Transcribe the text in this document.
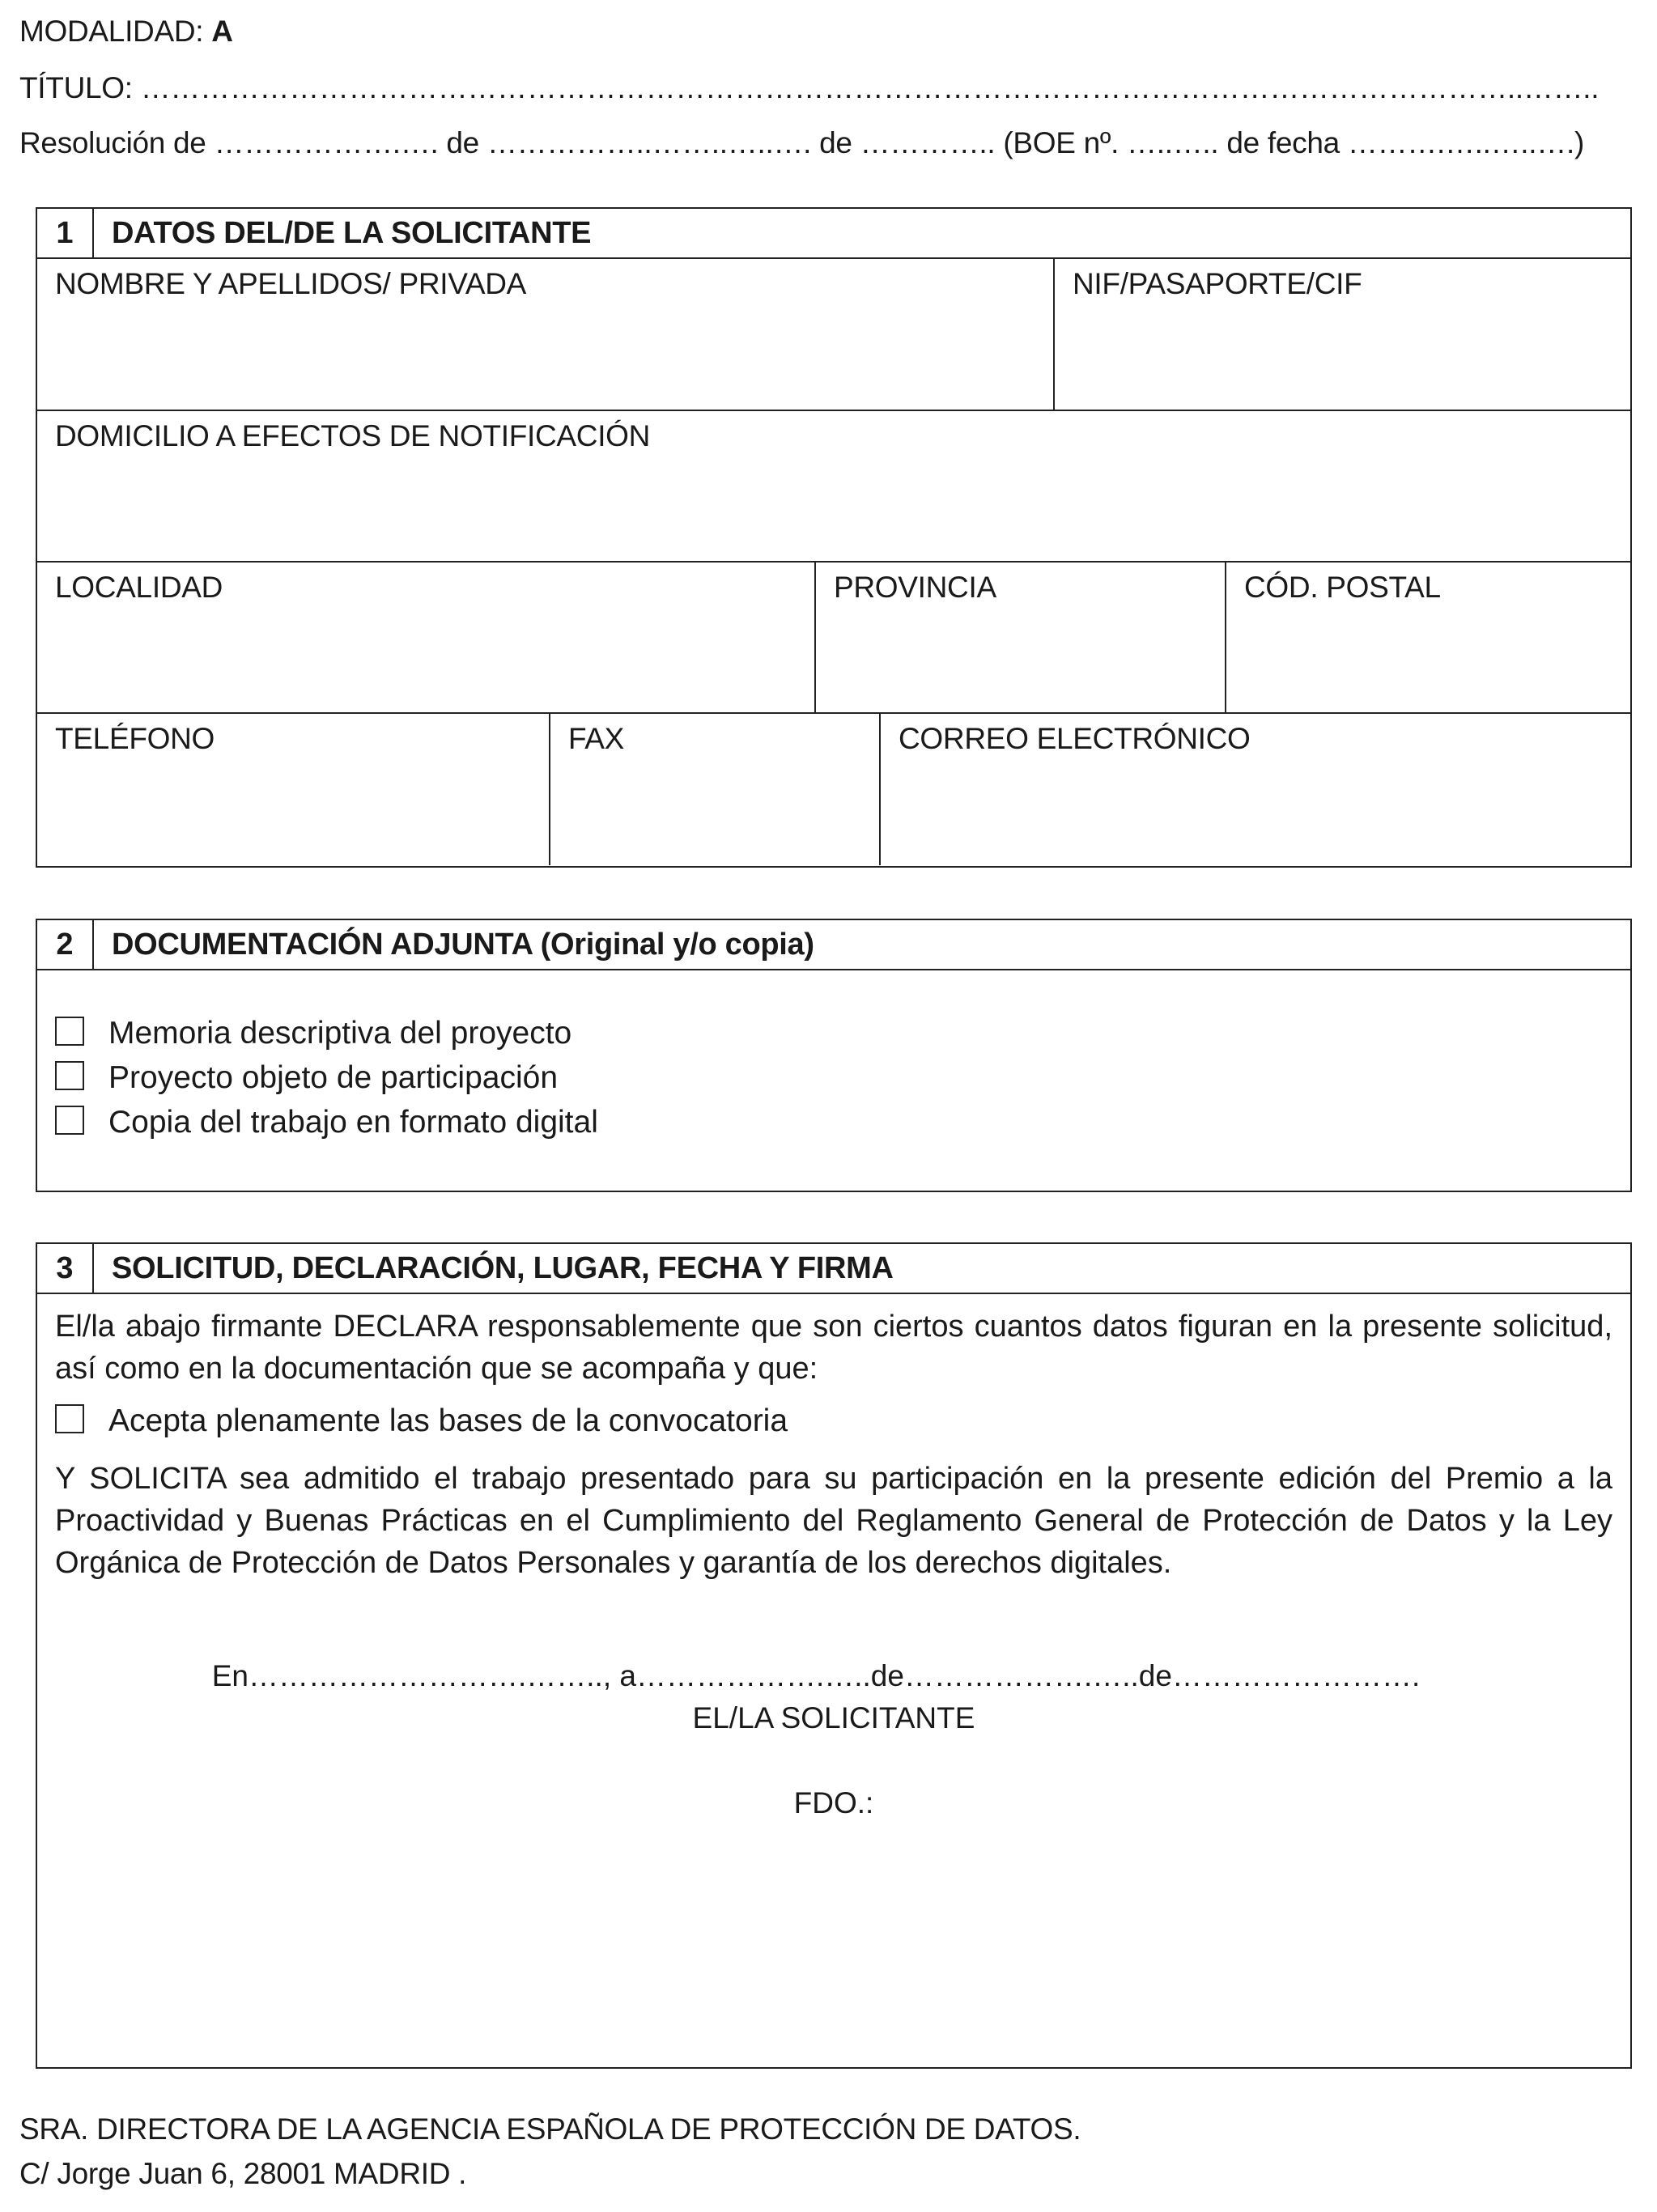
MODALIDAD: A
TÍTULO: …………………………………………………………………………………………………………………………..……..
Resolución de ……………….…. de ……………..……..…..…. de ………….. (BOE nº. …..….. de fecha ……….…..…..….)
1	DATOS DEL/DE LA SOLICITANTE
NOMBRE Y APELLIDOS/ PRIVADA	NIF/PASAPORTE/CIF
DOMICILIO A EFECTOS DE NOTIFICACIÓN
LOCALIDAD	PROVINCIA	CÓD. POSTAL
TELÉFONO	FAX	CORREO ELECTRÓNICO
2	DOCUMENTACIÓN ADJUNTA (Original y/o copia)
Memoria descriptiva del proyecto
Proyecto objeto de participación
Copia del trabajo en formato digital
3	SOLICITUD, DECLARACIÓN, LUGAR, FECHA Y FIRMA
El/la abajo firmante DECLARA responsablemente que son ciertos cuantos datos figuran en la presente solicitud, así como en la documentación que se acompaña y que:
Acepta plenamente las bases de la convocatoria
Y SOLICITA sea admitido el trabajo presentado para su participación en la presente edición del Premio a la Proactividad y Buenas Prácticas en el Cumplimiento del Reglamento General de Protección de Datos y la Ley Orgánica de Protección de Datos Personales y garantía de los derechos digitales.
En……………………….…….., a……………….…..de……………….…..de…………………….
EL/LA SOLICITANTE
FDO.:
SRA. DIRECTORA DE LA AGENCIA ESPAÑOLA DE PROTECCIÓN DE DATOS.
C/ Jorge Juan 6, 28001 MADRID .
